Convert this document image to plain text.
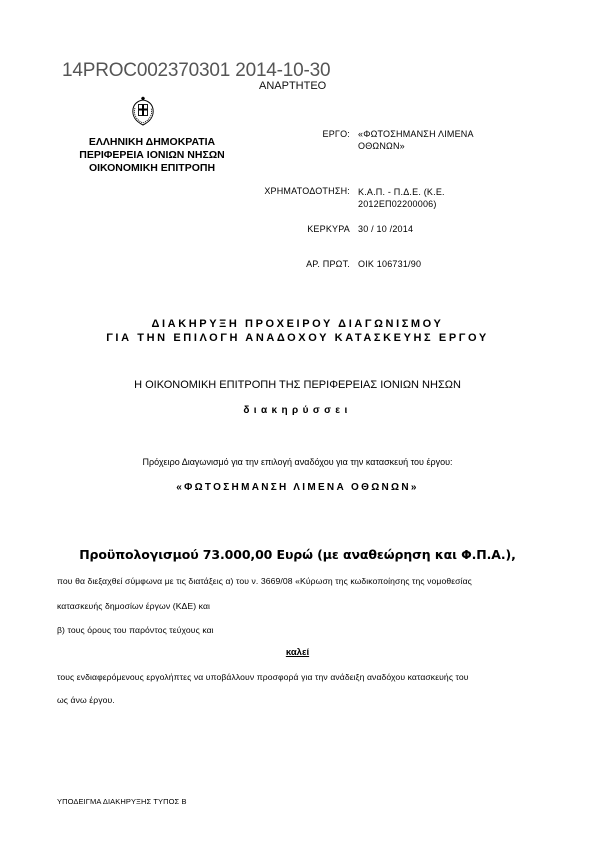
14PROC002370301 2014-10-30
ΑΝΑΡΤΗΤΕΟ
ΕΛΛΗΝΙΚΗ ΔΗΜΟΚΡΑΤΙΑ
ΠΕΡΙΦΕΡΕΙΑ ΙΟΝΙΩΝ ΝΗΣΩΝ
ΟΙΚΟΝΟΜΙΚΗ ΕΠΙΤΡΟΠΗ
ΕΡΓΟ: «ΦΩΤΟΣΗΜΑΝΣΗ ΛΙΜΕΝΑ
ΟΘΩΝΩΝ»
ΧΡΗΜΑΤΟΔΟΤΗΣΗ: Κ.Α.Π. - Π.Δ.Ε. (Κ.Ε.
2012ΕΠ02200006)
ΚΕΡΚΥΡΑ 30 / 10 /2014
ΑΡ. ΠΡΩΤ. ΟΙΚ 106731/90
ΔΙΑΚΗΡΥΞΗ ΠΡΟΧΕΙΡΟΥ ΔΙΑΓΩΝΙΣΜΟΥ
ΓΙΑ ΤΗΝ ΕΠΙΛΟΓΗ ΑΝΑΔΟΧΟΥ ΚΑΤΑΣΚΕΥΗΣ ΕΡΓΟΥ
Η ΟΙΚΟΝΟΜΙΚΗ ΕΠΙΤΡΟΠΗ ΤΗΣ ΠΕΡΙΦΕΡΕΙΑΣ ΙΟΝΙΩΝ ΝΗΣΩΝ
διακηρύσσει
Πρόχειρο Διαγωνισμό για την επιλογή αναδόχου για την κατασκευή του έργου:
«ΦΩΤΟΣΗΜΑΝΣΗ ΛΙΜΕΝΑ ΟΘΩΝΩΝ»
Προϋπολογισμού 73.000,00 Ευρώ (με αναθεώρηση και Φ.Π.Α.),
που θα διεξαχθεί σύμφωνα με τις διατάξεις α) του ν. 3669/08 «Κύρωση της κωδικοποίησης της νομοθεσίας
κατασκευής δημοσίων έργων (ΚΔΕ) και
β) τους όρους του παρόντος τεύχους και
καλεί
τους ενδιαφερόμενους εργολήπτες να υποβάλλουν προσφορά για την ανάδειξη αναδόχου κατασκευής του
ως άνω έργου.
ΥΠΟΔΕΙΓΜΑ ΔΙΑΚΗΡΥΞΗΣ ΤΥΠΟΣ Β
